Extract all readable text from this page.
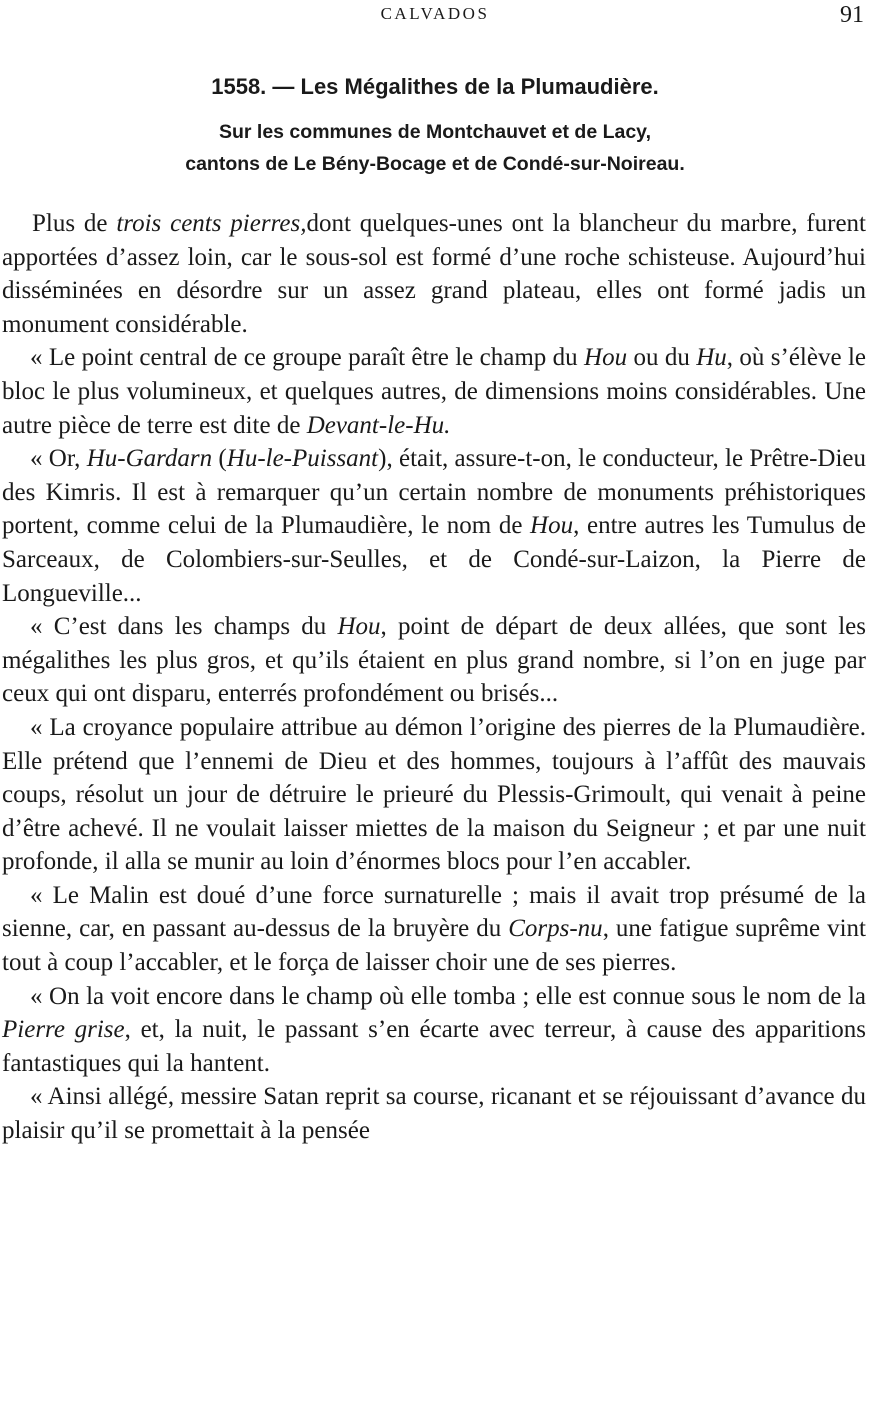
CALVADOS	91
1558. — Les Mégalithes de la Plumaudière.
Sur les communes de Montchauvet et de Lacy,
cantons de Le Bény-Bocage et de Condé-sur-Noireau.

Plus de trois cents pierres,dont quelques-unes ont la blancheur du marbre, furent apportées d’assez loin, car le sous-sol est formé d’une roche schisteuse. Aujourd’hui disséminées en désordre sur un assez grand plateau, elles ont formé jadis un monument considérable.

« Le point central de ce groupe paraît être le champ du Hou ou du Hu, où s’élève le bloc le plus volumineux, et quelques autres, de dimensions moins considérables. Une autre pièce de terre est dite de Devant-le-Hu.

« Or, Hu-Gardarn (Hu-le-Puissant), était, assure-t-on, le conducteur, le Prêtre-Dieu des Kimris. Il est à remarquer qu’un certain nombre de monuments préhistoriques portent, comme celui de la Plumaudière, le nom de Hou, entre autres les Tumulus de Sarceaux, de Colombiers-sur-Seulles, et de Condé-sur-Laizon, la Pierre de Longueville...

« C’est dans les champs du Hou, point de départ de deux allées, que sont les mégalithes les plus gros, et qu’ils étaient en plus grand nombre, si l’on en juge par ceux qui ont disparu, enterrés profondément ou brisés...

« La croyance populaire attribue au démon l’origine des pierres de la Plumaudière. Elle prétend que l’ennemi de Dieu et des hommes, toujours à l’affût des mauvais coups, résolut un jour de détruire le prieuré du Plessis-Grimoult, qui venait à peine d’être achevé. Il ne voulait laisser miettes de la maison du Seigneur ; et par une nuit profonde, il alla se munir au loin d’énormes blocs pour l’en accabler.

« Le Malin est doué d’une force surnaturelle ; mais il avait trop présumé de la sienne, car, en passant au-dessus de la bruyère du Corps-nu, une fatigue suprême vint tout à coup l’accabler, et le força de laisser choir une de ses pierres.

« On la voit encore dans le champ où elle tomba ; elle est connue sous le nom de la Pierre grise, et, la nuit, le passant s’en écarte avec terreur, à cause des apparitions fantastiques qui la hantent.

« Ainsi allégé, messire Satan reprit sa course, ricanant et se réjouissant d’avance du plaisir qu’il se promettait à la pensée
